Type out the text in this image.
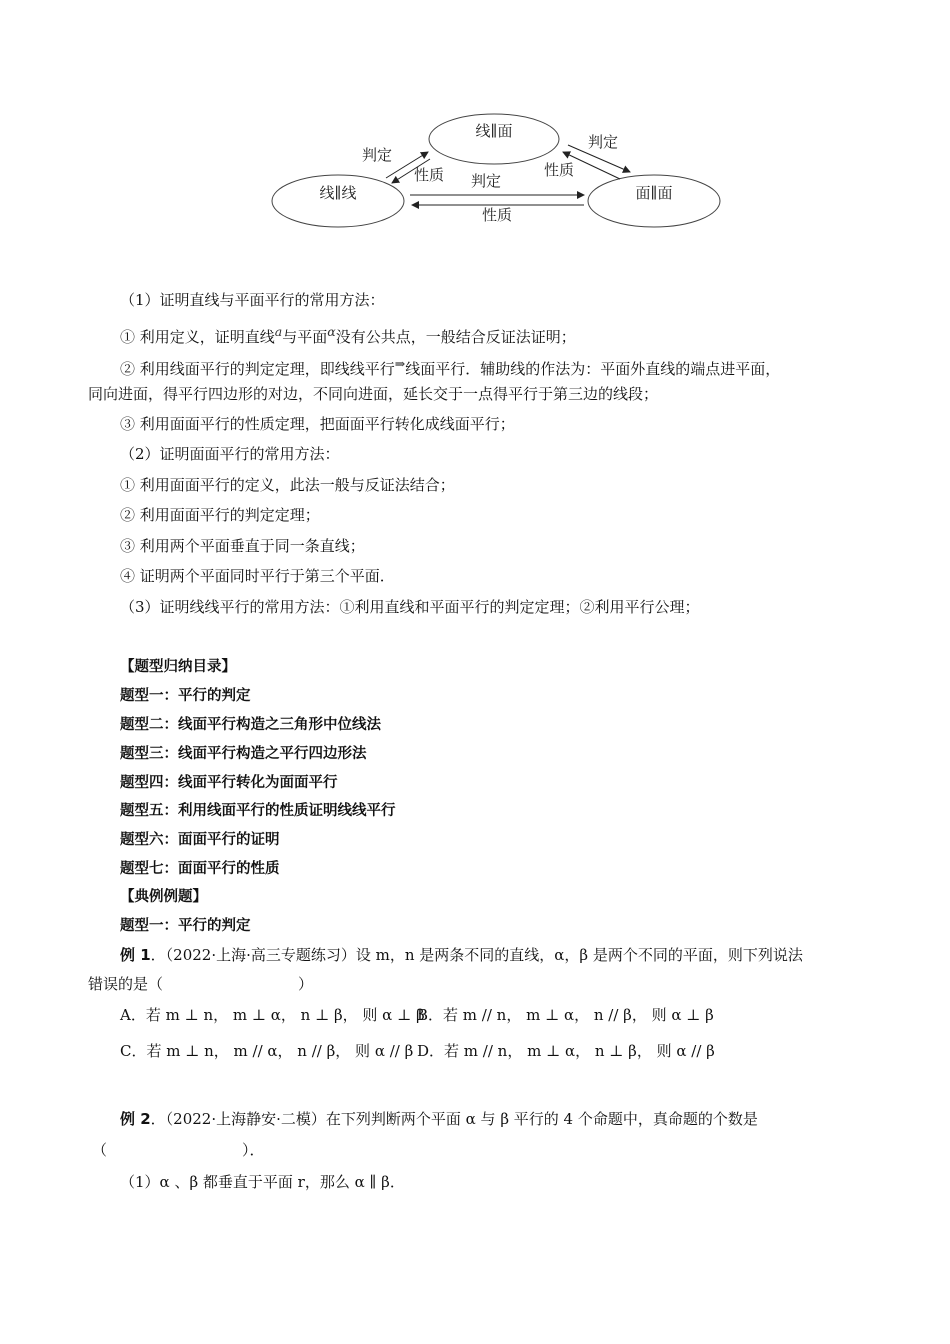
线∥面
线∥线	面∥面
判定
性质
判定
性质
判定
性质
（1）证明直线与平面平行的常用方法：
① 利用定义，证明直线$^a$与平面$^\alpha$没有公共点，一般结合反证法证明；
② 利用线面平行的判定定理，即线线平行⇒线面平行．辅助线的作法为：平面外直线的端点进平面，
同向进面，得平行四边形的对边，不同向进面，延长交于一点得平行于第三边的线段；
③ 利用面面平行的性质定理，把面面平行转化成线面平行；
（2）证明面面平行的常用方法：
① 利用面面平行的定义，此法一般与反证法结合；
② 利用面面平行的判定定理；
③ 利用两个平面垂直于同一条直线；
④ 证明两个平面同时平行于第三个平面．
（3）证明线线平行的常用方法：①利用直线和平面平行的判定定理；②利用平行公理；
【题型归纳目录】
题型一：平行的判定
题型二：线面平行构造之三角形中位线法
题型三：线面平行构造之平行四边形法
题型四：线面平行转化为面面平行
题型五：利用线面平行的性质证明线线平行
题型六：面面平行的证明
题型七：面面平行的性质
【典例例题】
题型一：平行的判定
例 1．（2022·上海·高三专题练习）设 m，n 是两条不同的直线，α，β 是两个不同的平面，则下列说法
错误的是（　　　　　　　　　）
A．若 m ⊥ n， m ⊥ α， n ⊥ β， 则 α ⊥ β
B．若 m // n， m ⊥ α， n // β， 则 α ⊥ β
C．若 m ⊥ n， m // α， n // β， 则 α // β D．若 m // n， m ⊥ α， n ⊥ β， 则 α // β
例 2．（2022·上海静安·二模）在下列判断两个平面 α 与 β 平行的 4 个命题中，真命题的个数是
（　　　　　　　　　）．
（1）α 、β 都垂直于平面 r，那么 α ∥ β．
